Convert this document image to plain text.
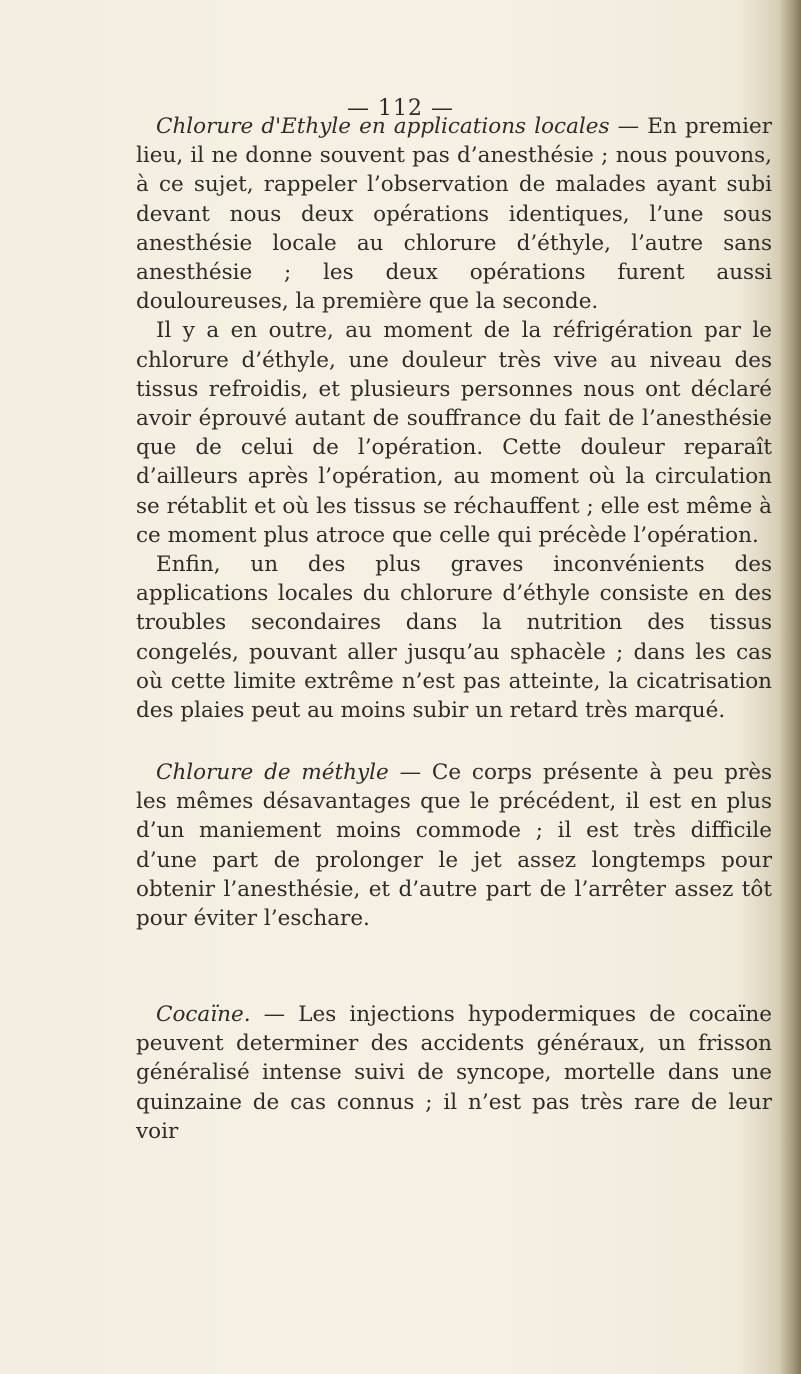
— 112 —

Chlorure d'Ethyle en applications locales — En premier lieu, il ne donne souvent pas d’anesthésie ; nous pouvons, à ce sujet, rappeler l’observation de malades ayant subi devant nous deux opérations identiques, l’une sous anesthésie locale au chlorure d’éthyle, l’autre sans anesthésie ; les deux opérations furent aussi douloureuses, la première que la seconde.

Il y a en outre, au moment de la réfrigération par le chlorure d’éthyle, une douleur très vive au niveau des tissus refroidis, et plusieurs personnes nous ont déclaré avoir éprouvé autant de souffrance du fait de l’anesthésie que de celui de l’opération. Cette douleur reparaît d’ailleurs après l’opération, au moment où la circulation se rétablit et où les tissus se réchauffent ; elle est même à ce moment plus atroce que celle qui précède l’opération.

Enfin, un des plus graves inconvénients des applications locales du chlorure d’éthyle consiste en des troubles secondaires dans la nutrition des tissus congelés, pouvant aller jusqu’au sphacèle ; dans les cas où cette limite extrême n’est pas atteinte, la cicatrisation des plaies peut au moins subir un retard très marqué.

Chlorure de méthyle — Ce corps présente à peu près les mêmes désavantages que le précédent, il est en plus d’un maniement moins commode ; il est très difficile d’une part de prolonger le jet assez longtemps pour obtenir l’anesthésie, et d’autre part de l’arrêter assez tôt pour éviter l’eschare.

Cocaïne. — Les injections hypodermiques de cocaïne peuvent determiner des accidents généraux, un frisson généralisé intense suivi de syncope, mortelle dans une quinzaine de cas connus ; il n’est pas très rare de leur voir
